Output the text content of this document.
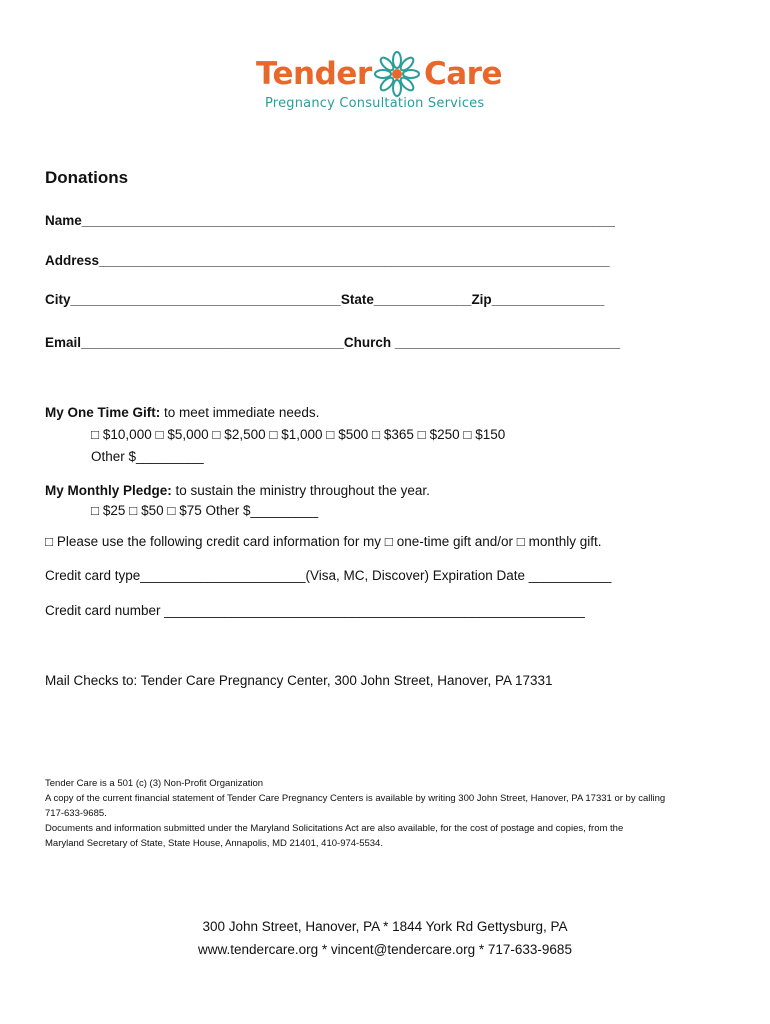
Tender Care
Pregnancy Consultation Services
Donations
Name_______________________________________________________________________
Address____________________________________________________________________
City____________________________________State_____________Zip_______________
Email___________________________________Church ______________________________
My One Time Gift: to meet immediate needs.
□ $10,000 □ $5,000 □ $2,500 □ $1,000 □ $500 □ $365 □ $250 □ $150
Other $_________
My Monthly Pledge: to sustain the ministry throughout the year.
□ $25 □ $50 □ $75 Other $_________
□ Please use the following credit card information for my □ one-time gift and/or □ monthly gift.
Credit card type______________________(Visa, MC, Discover) Expiration Date ___________
Credit card number ________________________________________________________
Mail Checks to: Tender Care Pregnancy Center, 300 John Street, Hanover, PA 17331
Tender Care is a 501 (c) (3) Non-Profit Organization
A copy of the current financial statement of Tender Care Pregnancy Centers is available by writing 300 John Street, Hanover, PA 17331 or by calling
717-633-9685.
Documents and information submitted under the Maryland Solicitations Act are also available, for the cost of postage and copies, from the
Maryland Secretary of State, State House, Annapolis, MD 21401, 410-974-5534.
300 John Street, Hanover, PA * 1844 York Rd Gettysburg, PA
www.tendercare.org * vincent@tendercare.org * 717-633-9685
